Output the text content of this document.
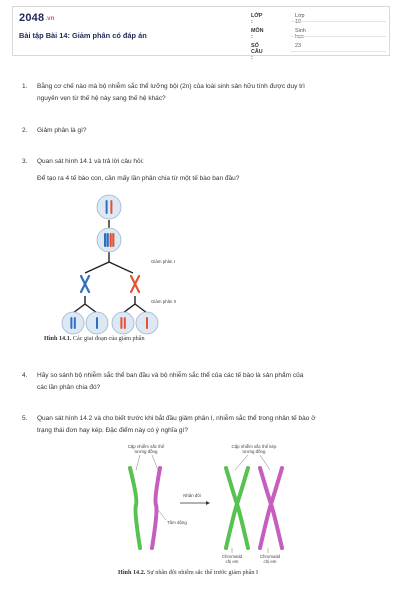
2048.vn
Bài tập Bài 14: Giảm phân có đáp án
LỚP :
Lớp 10
MÔN :
Sinh học
SỐ CÂU :
23
1. Bằng cơ chế nào mà bộ nhiễm sắc thể lưỡng bội (2n) của loài sinh sản hữu tính được duy trì
nguyên vẹn từ thế hệ này sang thế hệ khác?
2. Giảm phân là gì?
3. Quan sát hình 14.1 và trả lời câu hỏi:
Để tạo ra 4 tế bào con, cần mấy lần phân chia từ một tế bào ban đầu?
Giảm phân I
Giảm phân II
Hình 14.1. Các giai đoạn của giảm phân
4. Hãy so sánh bộ nhiễm sắc thể ban đầu và bộ nhiễm sắc thể của các tế bào là sản phẩm của
các lần phân chia đó?
5. Quan sát hình 14.2 và cho biết trước khi bắt đầu giảm phân I, nhiễm sắc thể trong nhân tế bào ở
trạng thái đơn hay kép. Đặc điểm này có ý nghĩa gì?
Cặp nhiễm sắc thể
tương đồng
Cặp nhiễm sắc thể kép
tương đồng
Nhân đôi
Tâm động
Chromatid
chị em
Chromatid
chị em
Hình 14.2. Sự nhân đôi nhiễm sắc thể trước giảm phân I
